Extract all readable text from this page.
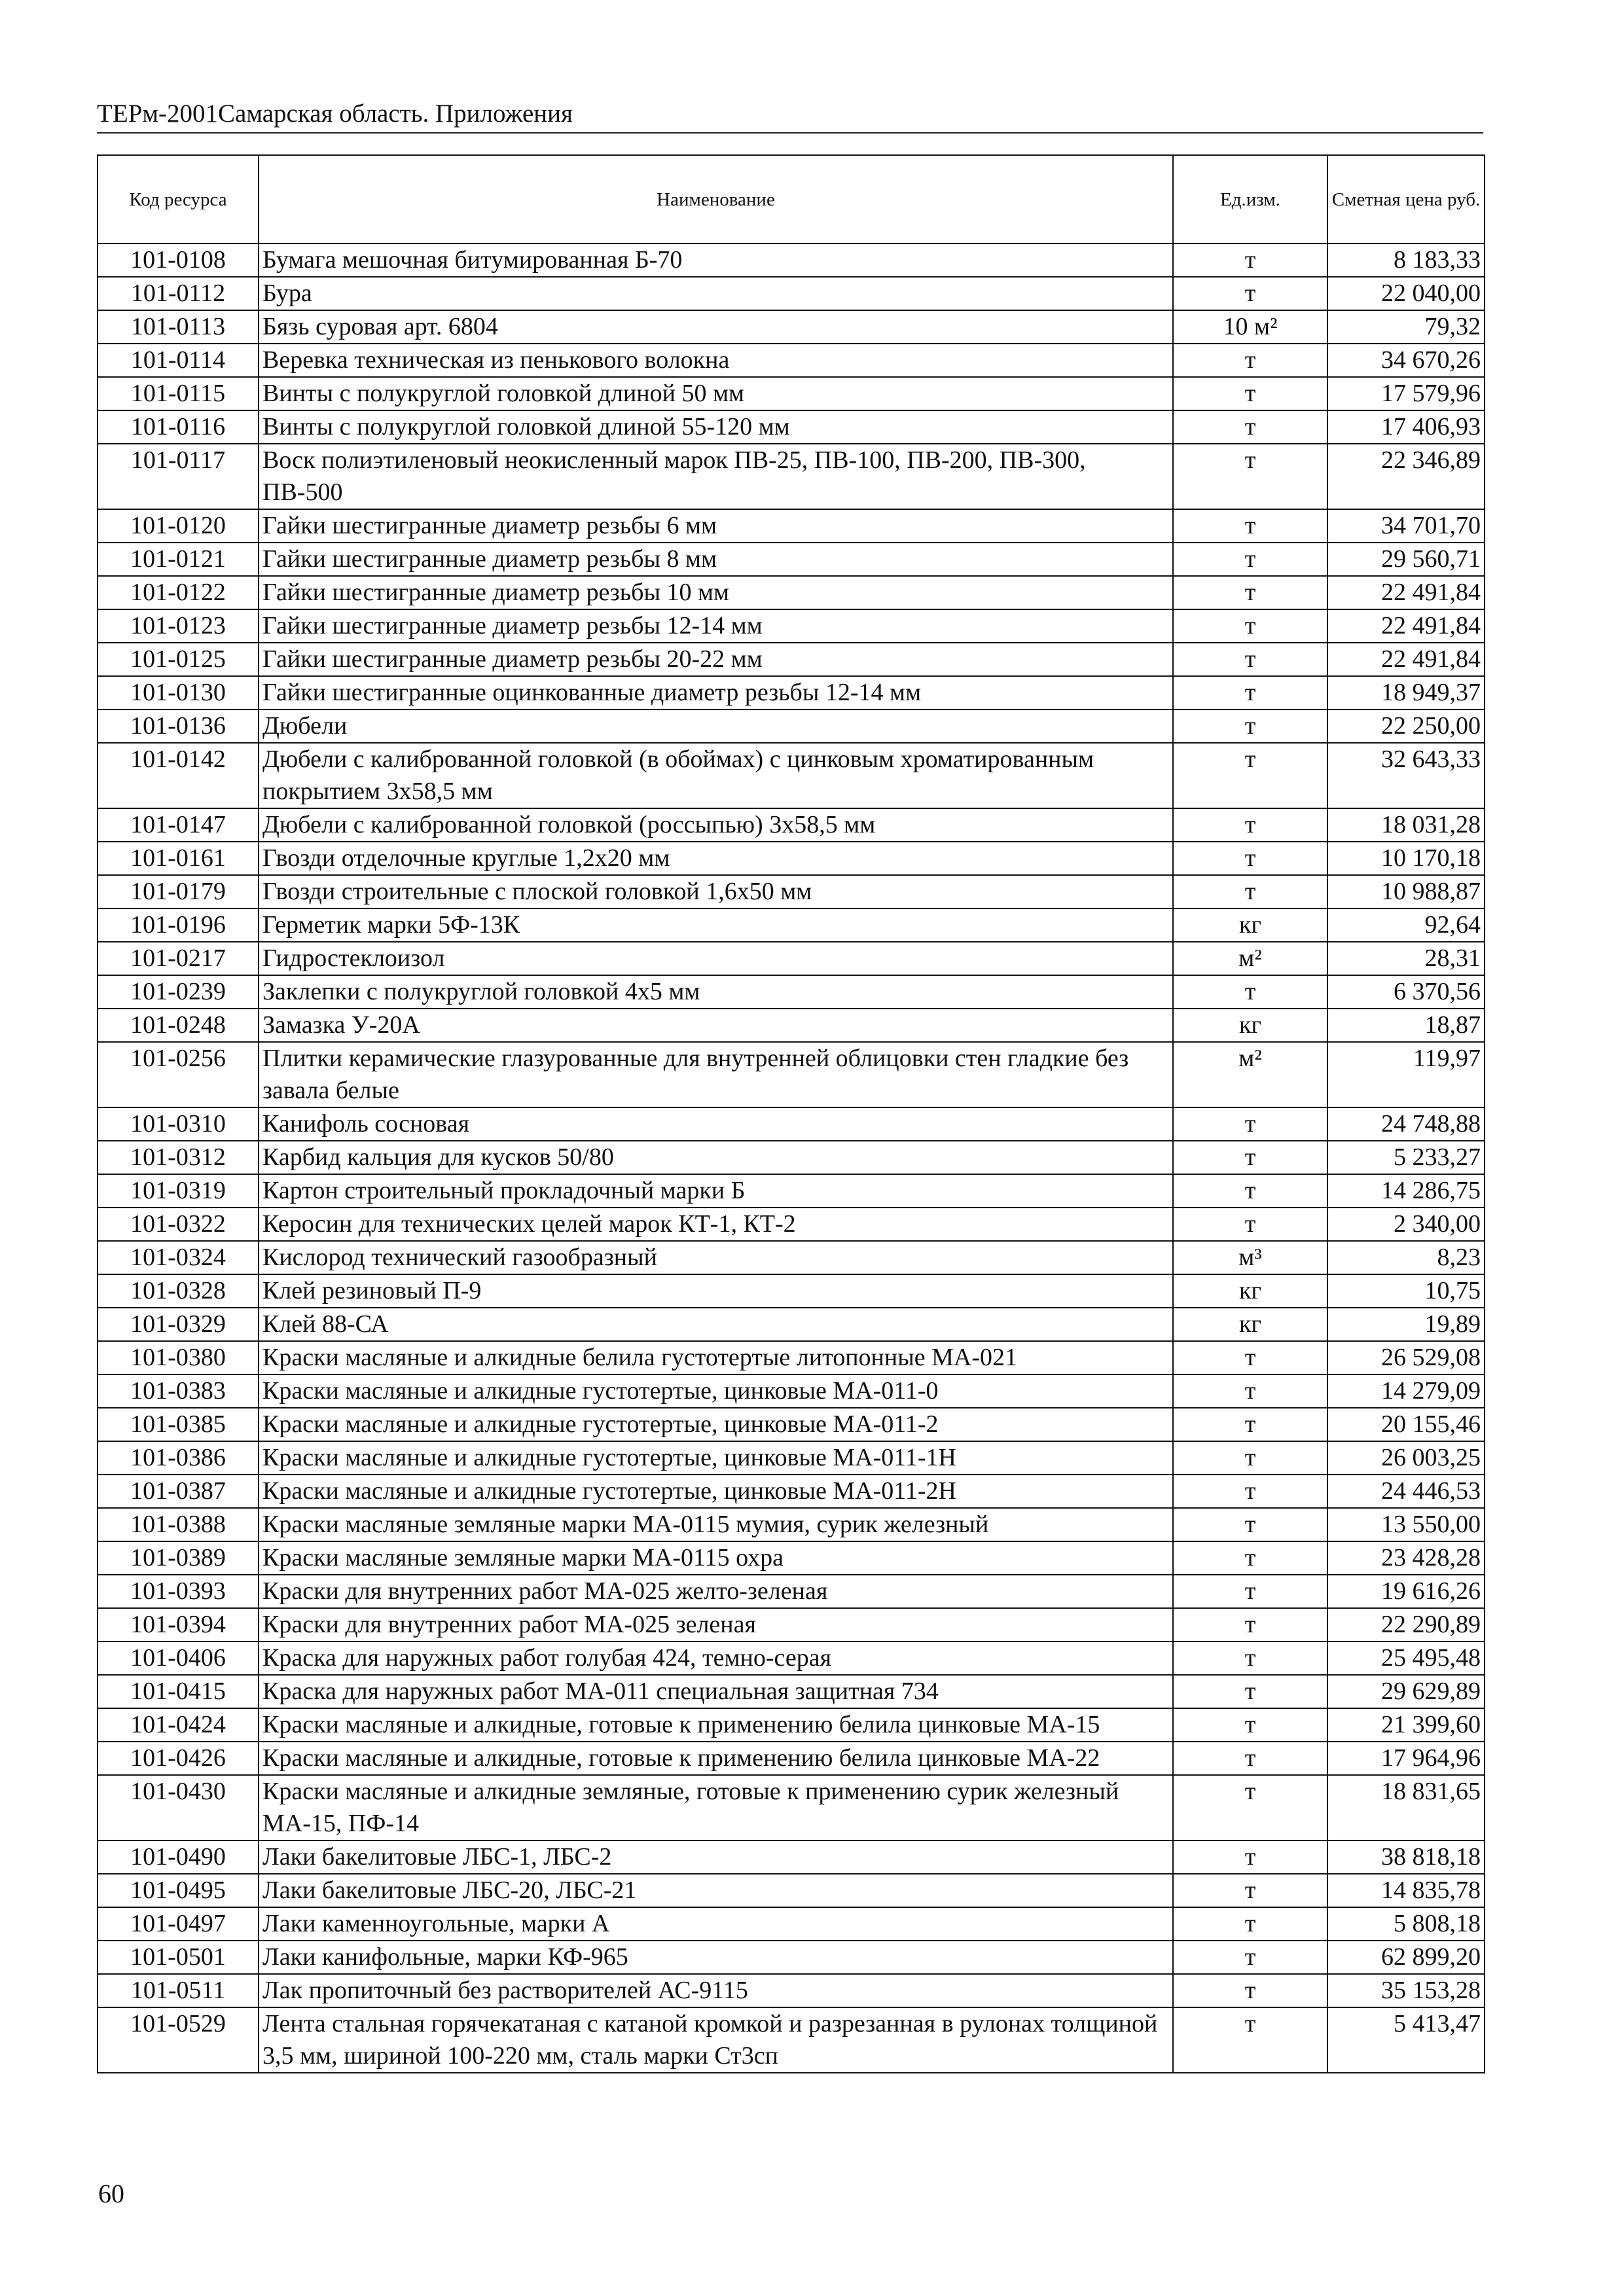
ТЕРм-2001Самарская область. Приложения
Код ресурса	Наименование	Ед.изм.	Сметная цена руб.
101-0108	Бумага мешочная битумированная Б-70	т	8 183,33
101-0112	Бура	т	22 040,00
101-0113	Бязь суровая арт. 6804	10 м²	79,32
101-0114	Веревка техническая из пенькового волокна	т	34 670,26
101-0115	Винты с полукруглой головкой длиной 50 мм	т	17 579,96
101-0116	Винты с полукруглой головкой длиной 55-120 мм	т	17 406,93
101-0117	Воск полиэтиленовый неокисленный марок ПВ-25, ПВ-100, ПВ-200, ПВ-300, ПВ-500	т	22 346,89
101-0120	Гайки шестигранные диаметр резьбы 6 мм	т	34 701,70
101-0121	Гайки шестигранные диаметр резьбы 8 мм	т	29 560,71
101-0122	Гайки шестигранные диаметр резьбы 10 мм	т	22 491,84
101-0123	Гайки шестигранные диаметр резьбы 12-14 мм	т	22 491,84
101-0125	Гайки шестигранные диаметр резьбы 20-22 мм	т	22 491,84
101-0130	Гайки шестигранные оцинкованные диаметр резьбы 12-14 мм	т	18 949,37
101-0136	Дюбели	т	22 250,00
101-0142	Дюбели с калиброванной головкой (в обоймах) с цинковым хроматированным покрытием 3х58,5 мм	т	32 643,33
101-0147	Дюбели с калиброванной головкой (россыпью) 3х58,5 мм	т	18 031,28
101-0161	Гвозди отделочные круглые 1,2х20 мм	т	10 170,18
101-0179	Гвозди строительные с плоской головкой 1,6х50 мм	т	10 988,87
101-0196	Герметик марки 5Ф-13К	кг	92,64
101-0217	Гидростеклоизол	м²	28,31
101-0239	Заклепки с полукруглой головкой 4х5 мм	т	6 370,56
101-0248	Замазка У-20А	кг	18,87
101-0256	Плитки керамические глазурованные для внутренней облицовки стен гладкие без завала белые	м²	119,97
101-0310	Канифоль сосновая	т	24 748,88
101-0312	Карбид кальция для кусков 50/80	т	5 233,27
101-0319	Картон строительный прокладочный марки Б	т	14 286,75
101-0322	Керосин для технических целей марок КТ-1, КТ-2	т	2 340,00
101-0324	Кислород технический газообразный	м³	8,23
101-0328	Клей резиновый П-9	кг	10,75
101-0329	Клей 88-СА	кг	19,89
101-0380	Краски масляные и алкидные белила густотертые литопонные МА-021	т	26 529,08
101-0383	Краски масляные и алкидные густотертые, цинковые МА-011-0	т	14 279,09
101-0385	Краски масляные и алкидные густотертые, цинковые МА-011-2	т	20 155,46
101-0386	Краски масляные и алкидные густотертые, цинковые МА-011-1Н	т	26 003,25
101-0387	Краски масляные и алкидные густотертые, цинковые МА-011-2Н	т	24 446,53
101-0388	Краски масляные земляные марки МА-0115 мумия, сурик железный	т	13 550,00
101-0389	Краски масляные земляные марки МА-0115 охра	т	23 428,28
101-0393	Краски для внутренних работ МА-025 желто-зеленая	т	19 616,26
101-0394	Краски для внутренних работ МА-025 зеленая	т	22 290,89
101-0406	Краска для наружных работ голубая 424, темно-серая	т	25 495,48
101-0415	Краска для наружных работ МА-011 специальная защитная 734	т	29 629,89
101-0424	Краски масляные и алкидные, готовые к применению белила цинковые МА-15	т	21 399,60
101-0426	Краски масляные и алкидные, готовые к применению белила цинковые МА-22	т	17 964,96
101-0430	Краски масляные и алкидные земляные, готовые к применению сурик железный МА-15, ПФ-14	т	18 831,65
101-0490	Лаки бакелитовые ЛБС-1, ЛБС-2	т	38 818,18
101-0495	Лаки бакелитовые ЛБС-20, ЛБС-21	т	14 835,78
101-0497	Лаки каменноугольные, марки А	т	5 808,18
101-0501	Лаки канифольные, марки КФ-965	т	62 899,20
101-0511	Лак пропиточный без растворителей АС-9115	т	35 153,28
101-0529	Лента стальная горячекатаная с катаной кромкой и разрезанная в рулонах толщиной 3,5 мм, шириной 100-220 мм, сталь марки Ст3сп	т	5 413,47
60
